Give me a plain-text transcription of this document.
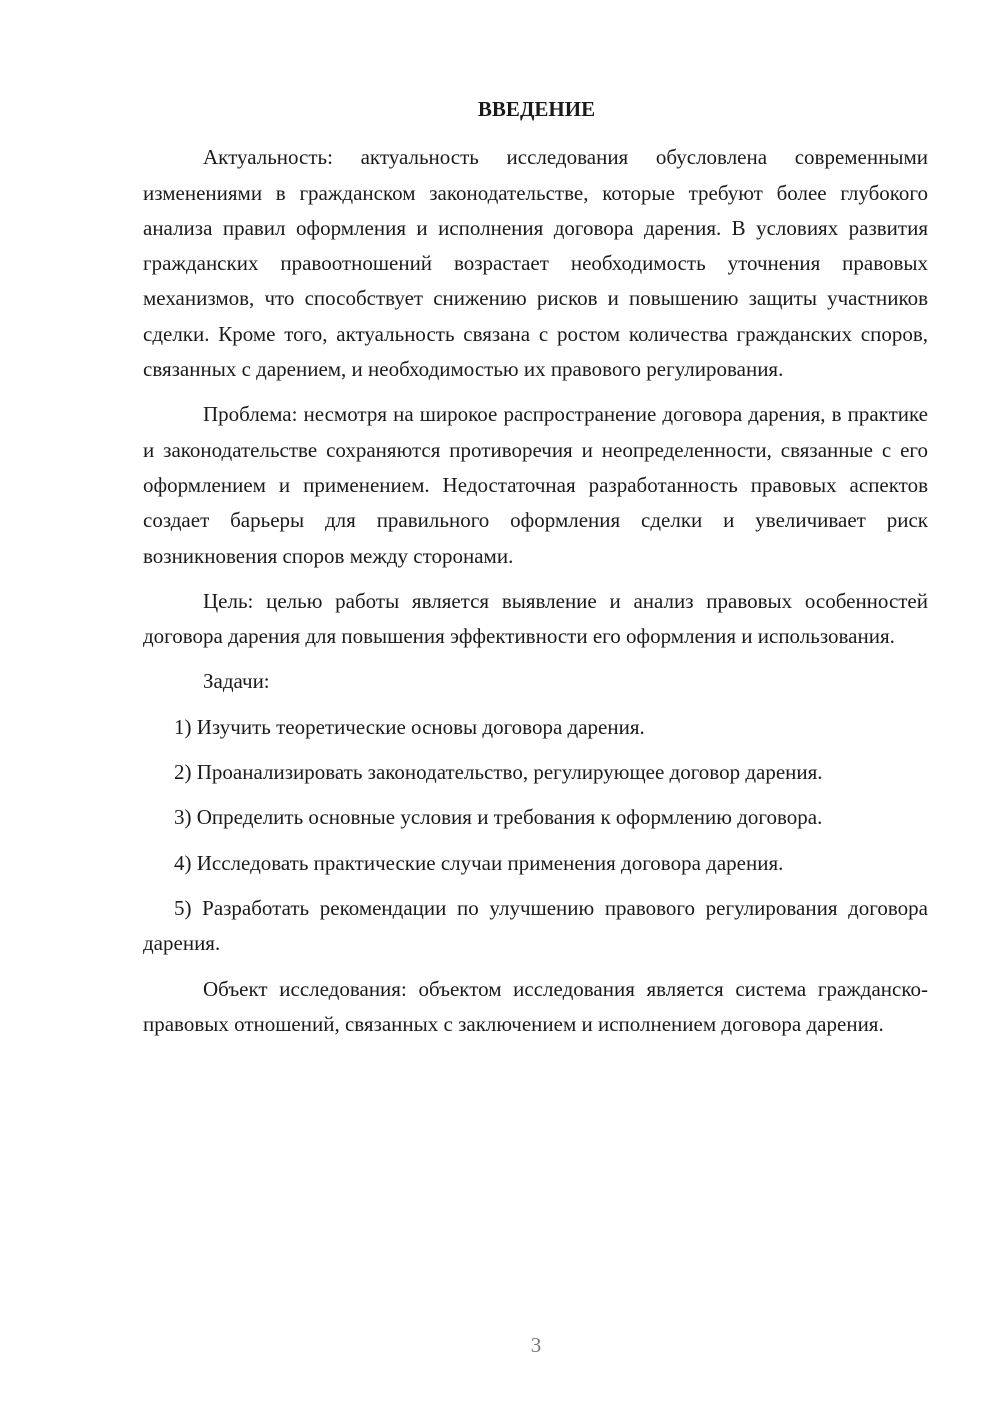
ВВЕДЕНИЕ

Актуальность: актуальность исследования обусловлена современными изменениями в гражданском законодательстве, которые требуют более глубокого анализа правил оформления и исполнения договора дарения. В условиях развития гражданских правоотношений возрастает необходимость уточнения правовых механизмов, что способствует снижению рисков и повышению защиты участников сделки. Кроме того, актуальность связана с ростом количества гражданских споров, связанных с дарением, и необходимостью их правового регулирования.

Проблема: несмотря на широкое распространение договора дарения, в практике и законодательстве сохраняются противоречия и неопределенности, связанные с его оформлением и применением. Недостаточная разработанность правовых аспектов создает барьеры для правильного оформления сделки и увеличивает риск возникновения споров между сторонами.

Цель: целью работы является выявление и анализ правовых особенностей договора дарения для повышения эффективности его оформления и использования.

Задачи:

1) Изучить теоретические основы договора дарения.

2) Проанализировать законодательство, регулирующее договор дарения.

3) Определить основные условия и требования к оформлению договора.

4) Исследовать практические случаи применения договора дарения.

5) Разработать рекомендации по улучшению правового регулирования договора дарения.

Объект исследования: объектом исследования является система гражданско-правовых отношений, связанных с заключением и исполнением договора дарения.

3
